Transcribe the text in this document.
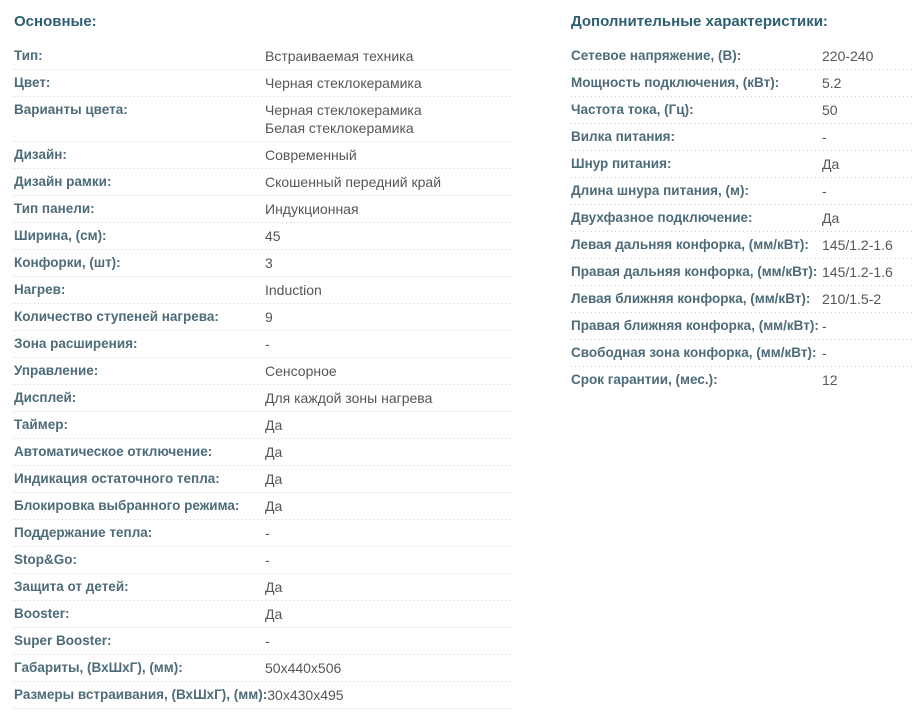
Основные:
Тип:	Встраиваемая техника
Цвет:	Черная стеклокерамика
Варианты цвета:	Черная стеклокерамика
Белая стеклокерамика
Дизайн:	Современный
Дизайн рамки:	Скошенный передний край
Тип панели:	Индукционная
Ширина, (см):	45
Конфорки, (шт):	3
Нагрев:	Induction
Количество ступеней нагрева:	9
Зона расширения:	-
Управление:	Сенсорное
Дисплей:	Для каждой зоны нагрева
Таймер:	Да
Автоматическое отключение:	Да
Индикация остаточного тепла:	Да
Блокировка выбранного режима:	Да
Поддержание тепла:	-
Stop&Go:	-
Защита от детей:	Да
Booster:	Да
Super Booster:	-
Габариты, (ВхШхГ), (мм):	50x440x506
Размеры встраивания, (ВхШхГ), (мм): 30x430x495
Дополнительные характеристики:
Сетевое напряжение, (В):	220-240
Мощность подключения, (кВт):	5.2
Частота тока, (Гц):	50
Вилка питания:	-
Шнур питания:	Да
Длина шнура питания, (м):	-
Двухфазное подключение:	Да
Левая дальняя конфорка, (мм/кВт): 145/1.2-1.6
Правая дальняя конфорка, (мм/кВт): 145/1.2-1.6
Левая ближняя конфорка, (мм/кВт): 210/1.5-2
Правая ближняя конфорка, (мм/кВт): -
Свободная зона конфорка, (мм/кВт): -
Срок гарантии, (мес.):	12
